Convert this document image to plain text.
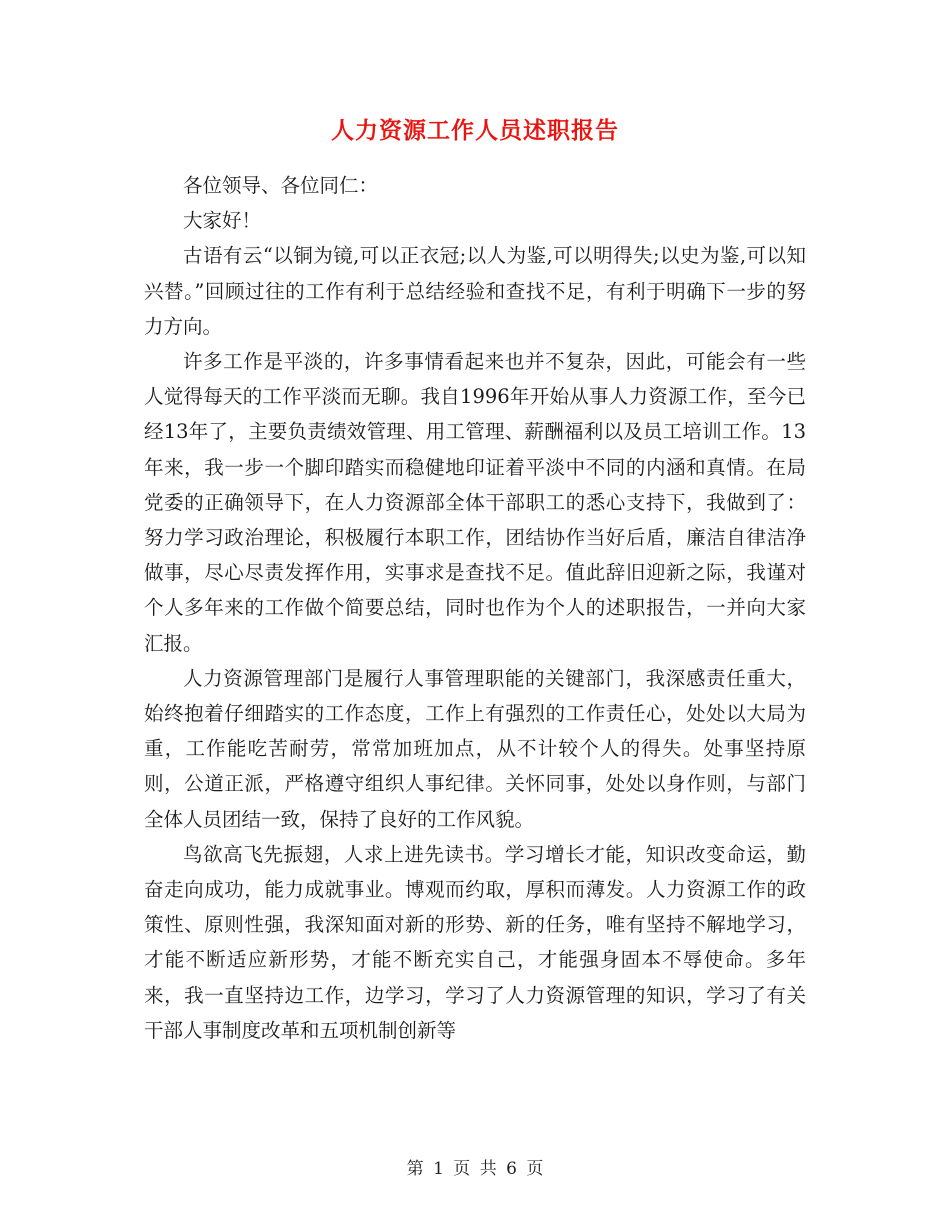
人力资源工作人员述职报告

各位领导、各位同仁：

大家好！

古语有云“以铜为镜,可以正衣冠;以人为鉴,可以明得失;以史为鉴,可以知兴替。”回顾过往的工作有利于总结经验和查找不足，有利于明确下一步的努力方向。

许多工作是平淡的，许多事情看起来也并不复杂，因此，可能会有一些人觉得每天的工作平淡而无聊。我自1996年开始从事人力资源工作，至今已经13年了，主要负责绩效管理、用工管理、薪酬福利以及员工培训工作。13年来，我一步一个脚印踏实而稳健地印证着平淡中不同的内涵和真情。在局党委的正确领导下，在人力资源部全体干部职工的悉心支持下，我做到了：努力学习政治理论，积极履行本职工作，团结协作当好后盾，廉洁自律洁净做事，尽心尽责发挥作用，实事求是查找不足。值此辞旧迎新之际，我谨对个人多年来的工作做个简要总结，同时也作为个人的述职报告，一并向大家汇报。

人力资源管理部门是履行人事管理职能的关键部门，我深感责任重大，始终抱着仔细踏实的工作态度，工作上有强烈的工作责任心，处处以大局为重，工作能吃苦耐劳，常常加班加点，从不计较个人的得失。处事坚持原则，公道正派，严格遵守组织人事纪律。关怀同事，处处以身作则，与部门全体人员团结一致，保持了良好的工作风貌。

鸟欲高飞先振翅，人求上进先读书。学习增长才能，知识改变命运，勤奋走向成功，能力成就事业。博观而约取，厚积而薄发。人力资源工作的政策性、原则性强，我深知面对新的形势、新的任务，唯有坚持不解地学习，才能不断适应新形势，才能不断充实自己，才能强身固本不辱使命。多年来，我一直坚持边工作，边学习，学习了人力资源管理的知识，学习了有关干部人事制度改革和五项机制创新等

第 1 页 共 6 页
